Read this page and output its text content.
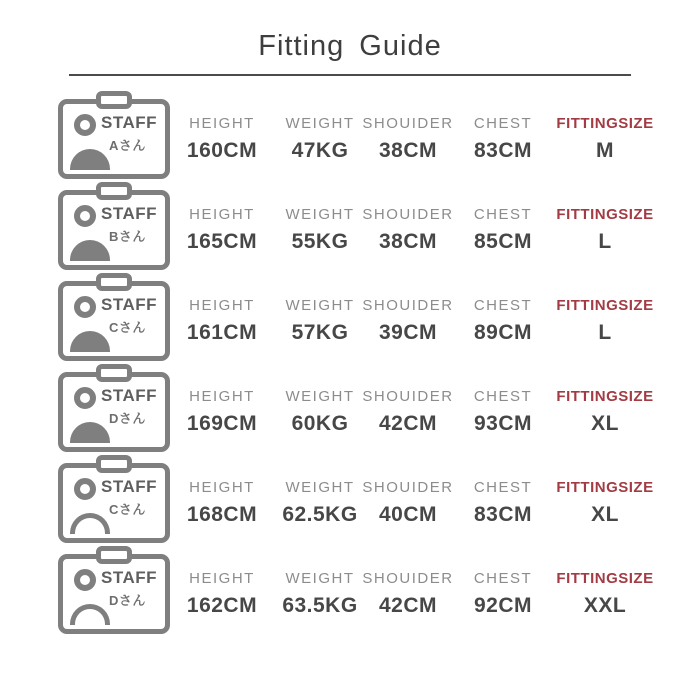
Fitting Guide
STAFF
Aさん
HEIGHT
160CM
WEIGHT
47KG
SHOUIDER
38CM
CHEST
83CM
FITTINGSIZE
M
STAFF
Bさん
HEIGHT
165CM
WEIGHT
55KG
SHOUIDER
38CM
CHEST
85CM
FITTINGSIZE
L
STAFF
Cさん
HEIGHT
161CM
WEIGHT
57KG
SHOUIDER
39CM
CHEST
89CM
FITTINGSIZE
L
STAFF
Dさん
HEIGHT
169CM
WEIGHT
60KG
SHOUIDER
42CM
CHEST
93CM
FITTINGSIZE
XL
STAFF
Cさん
HEIGHT
168CM
WEIGHT
62.5KG
SHOUIDER
40CM
CHEST
83CM
FITTINGSIZE
XL
STAFF
Dさん
HEIGHT
162CM
WEIGHT
63.5KG
SHOUIDER
42CM
CHEST
92CM
FITTINGSIZE
XXL
